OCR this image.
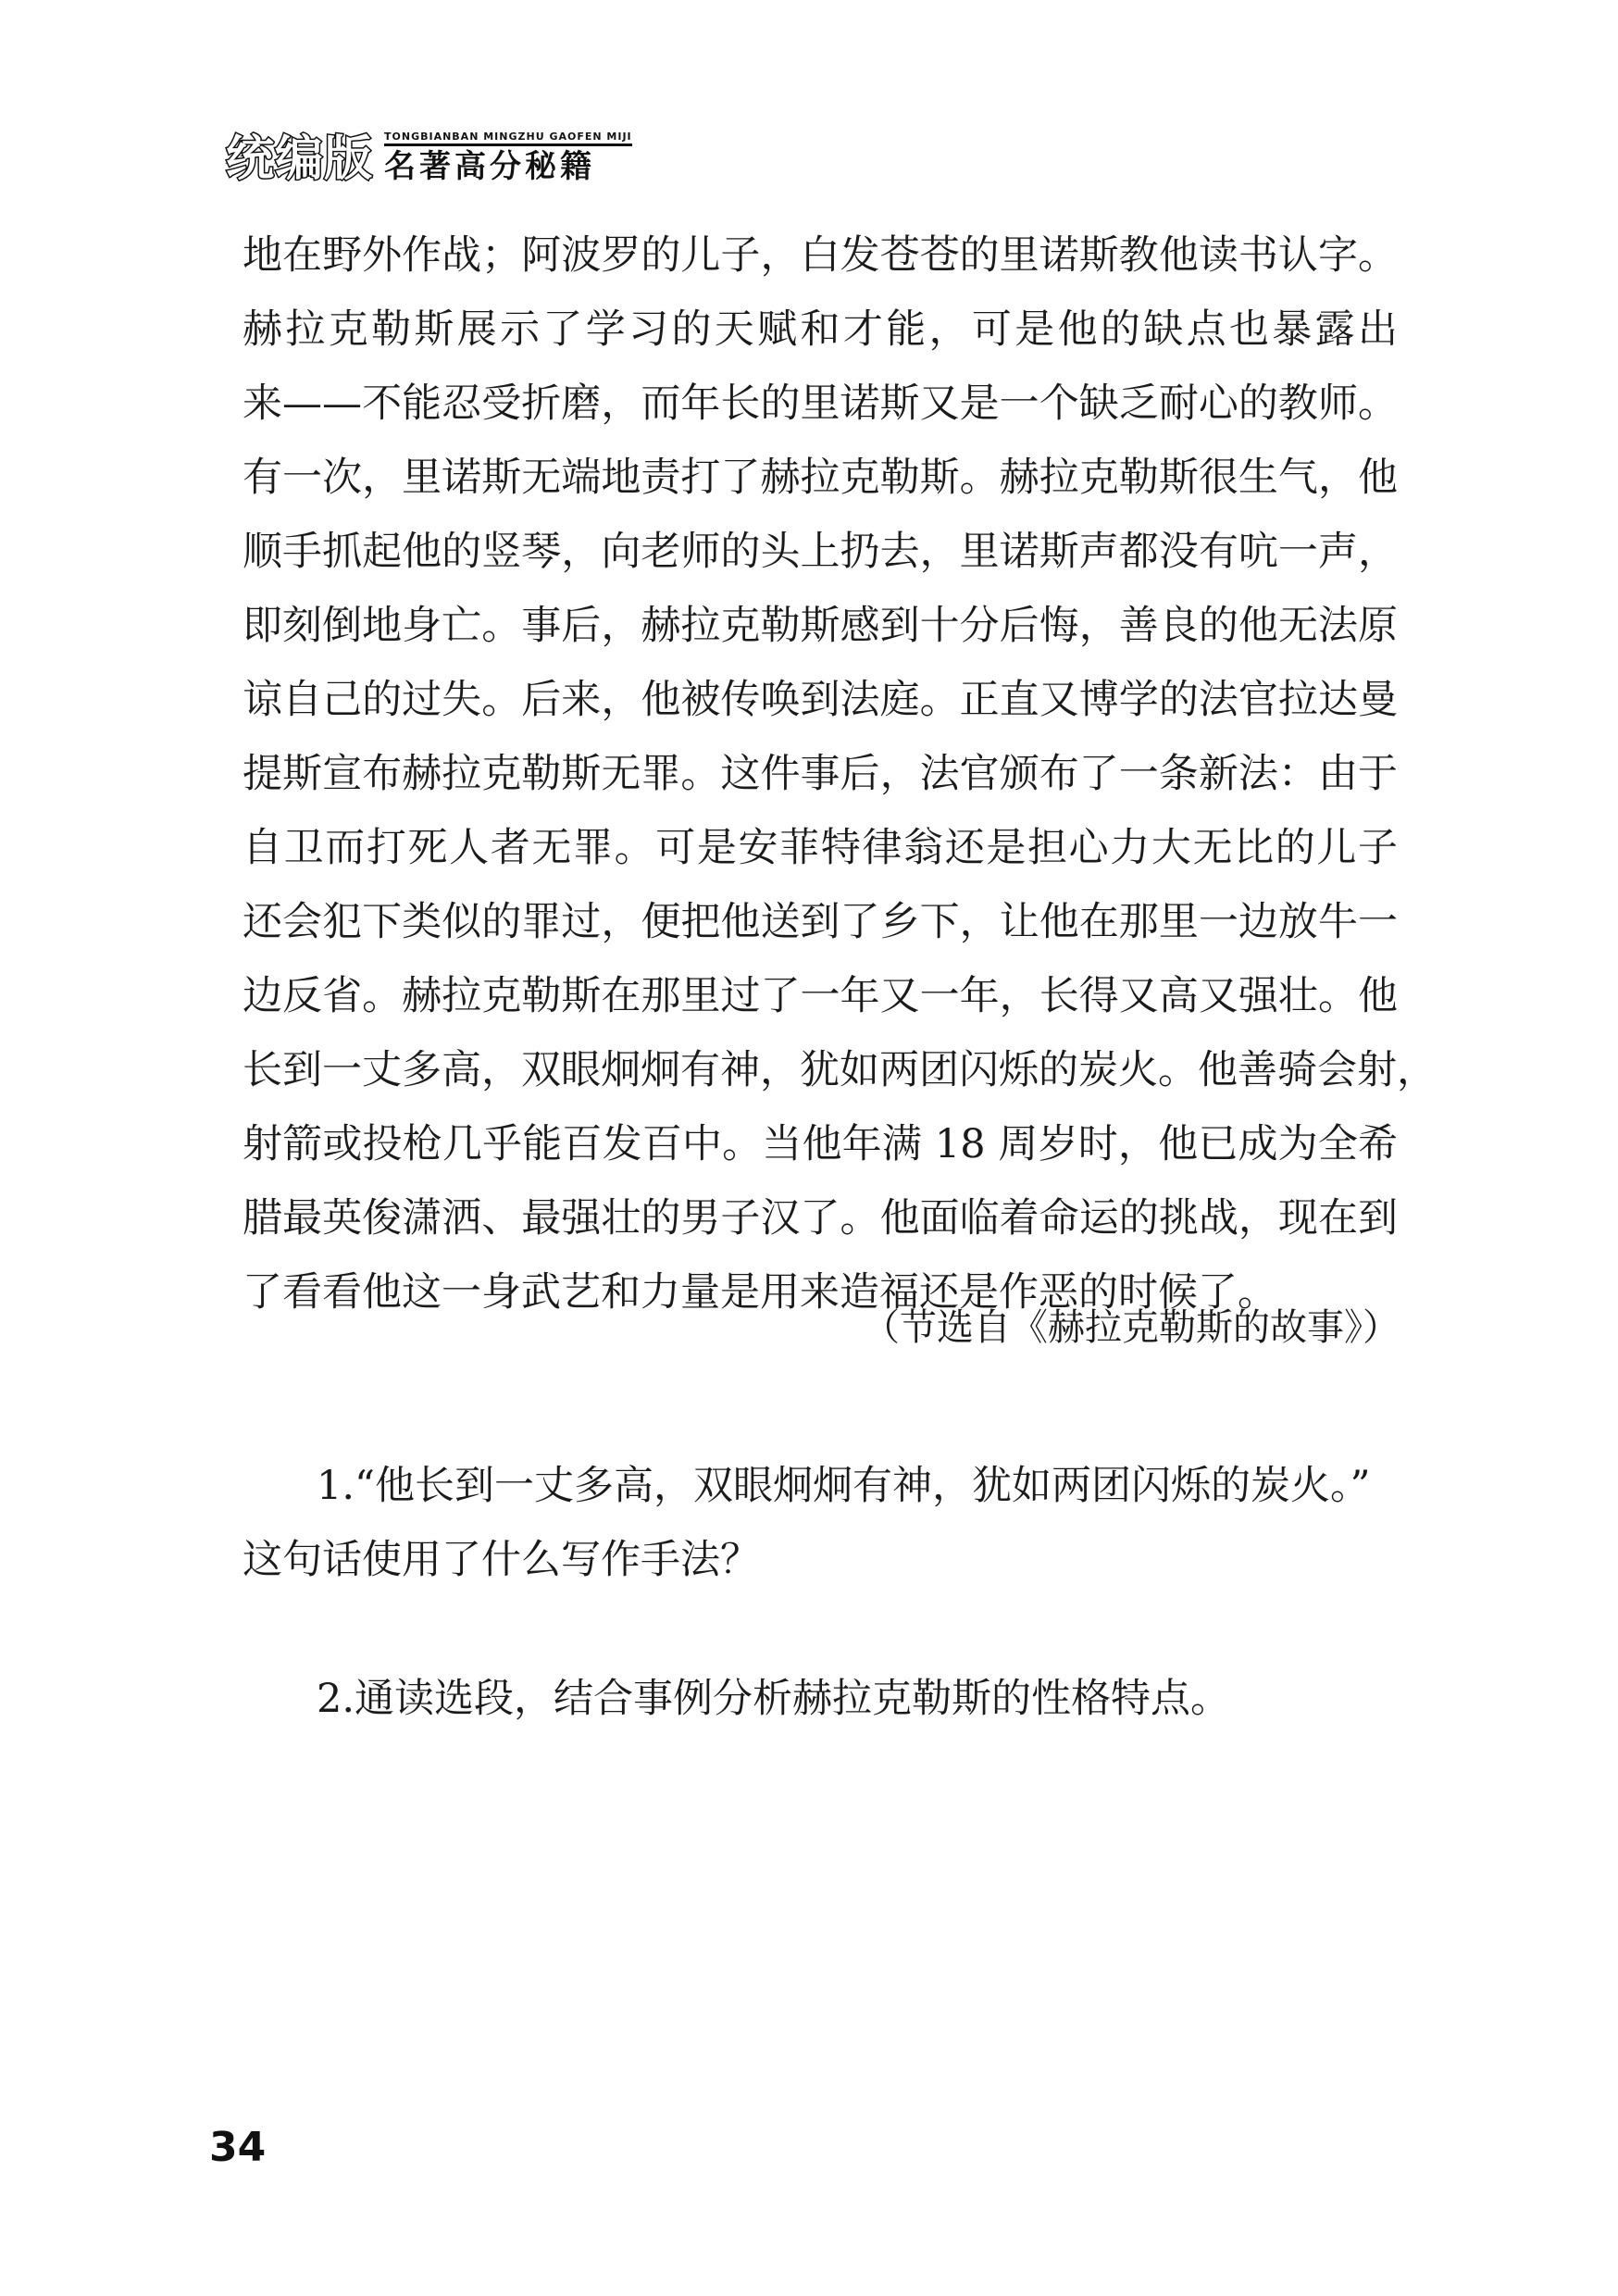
统编版	TONGBIANBAN MINGZHU GAOFEN MIJI
名著高分秘籍
地在野外作战；阿波罗的儿子，白发苍苍的里诺斯教他读书认字。
赫拉克勒斯展示了学习的天赋和才能，可是他的缺点也暴露出
来——不能忍受折磨，而年长的里诺斯又是一个缺乏耐心的教师。
有一次，里诺斯无端地责打了赫拉克勒斯。赫拉克勒斯很生气，他
顺手抓起他的竖琴，向老师的头上扔去，里诺斯声都没有吭一声，
即刻倒地身亡。事后，赫拉克勒斯感到十分后悔，善良的他无法原
谅自己的过失。后来，他被传唤到法庭。正直又博学的法官拉达曼
提斯宣布赫拉克勒斯无罪。这件事后，法官颁布了一条新法：由于
自卫而打死人者无罪。可是安菲特律翁还是担心力大无比的儿子
还会犯下类似的罪过，便把他送到了乡下，让他在那里一边放牛一
边反省。赫拉克勒斯在那里过了一年又一年，长得又高又强壮。他
长到一丈多高，双眼炯炯有神，犹如两团闪烁的炭火。他善骑会射，
射箭或投枪几乎能百发百中。当他年满 18 周岁时，他已成为全希
腊最英俊潇洒、最强壮的男子汉了。他面临着命运的挑战，现在到
了看看他这一身武艺和力量是用来造福还是作恶的时候了。
（节选自《赫拉克勒斯的故事》）
1.“他长到一丈多高，双眼炯炯有神，犹如两团闪烁的炭火。”
这句话使用了什么写作手法？
2.通读选段，结合事例分析赫拉克勒斯的性格特点。
34
